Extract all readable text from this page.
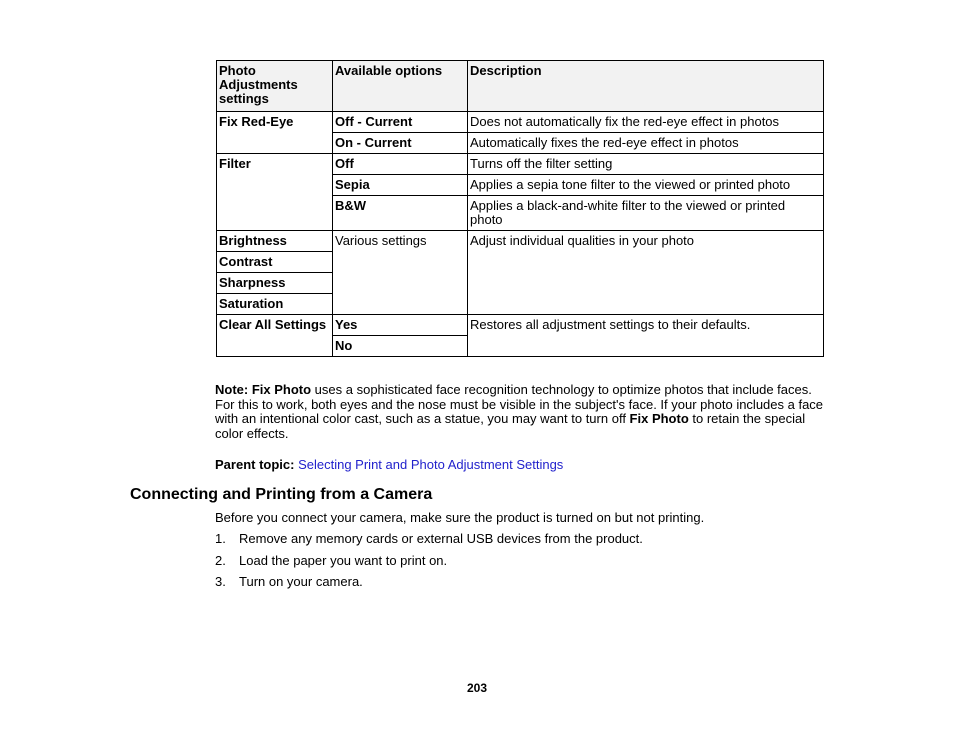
Photo Adjustments settings	Available options	Description
Fix Red-Eye	Off - Current	Does not automatically fix the red-eye effect in photos
	On - Current	Automatically fixes the red-eye effect in photos
Filter	Off	Turns off the filter setting
	Sepia	Applies a sepia tone filter to the viewed or printed photo
	B&W	Applies a black-and-white filter to the viewed or printed photo
Brightness	Various settings	Adjust individual qualities in your photo
Contrast		
Sharpness		
Saturation		
Clear All Settings	Yes	Restores all adjustment settings to their defaults.
	No	
Note: Fix Photo uses a sophisticated face recognition technology to optimize photos that include faces. For this to work, both eyes and the nose must be visible in the subject's face. If your photo includes a face with an intentional color cast, such as a statue, you may want to turn off Fix Photo to retain the special color effects.
Parent topic: Selecting Print and Photo Adjustment Settings
Connecting and Printing from a Camera
Before you connect your camera, make sure the product is turned on but not printing.
1. Remove any memory cards or external USB devices from the product.
2. Load the paper you want to print on.
3. Turn on your camera.
203
